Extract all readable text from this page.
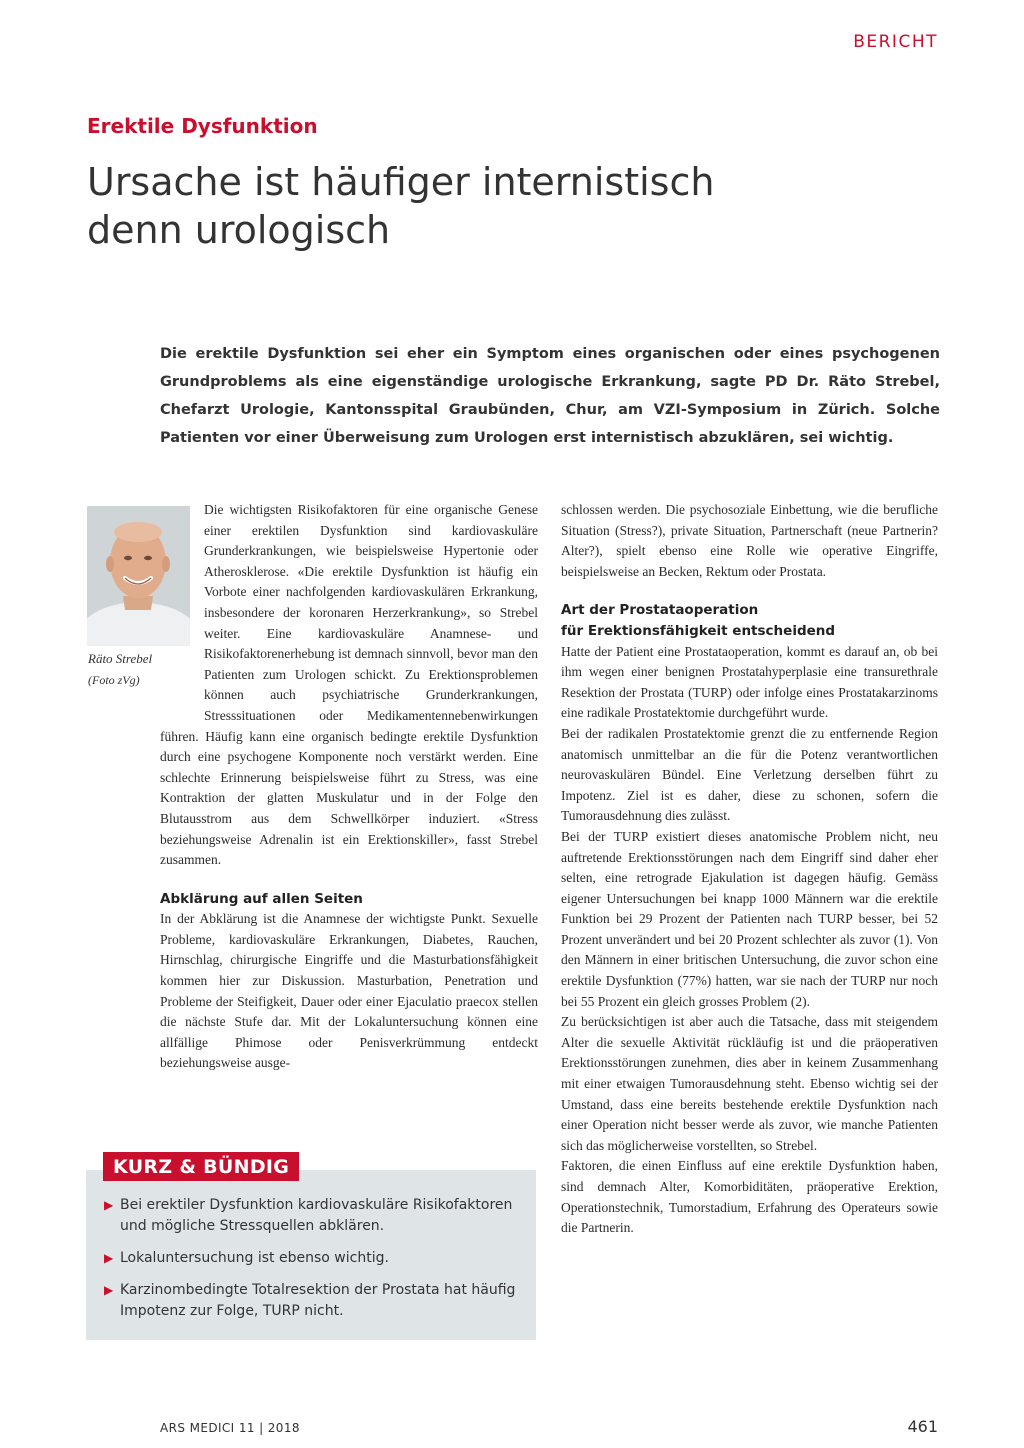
BERICHT
Erektile Dysfunktion
Ursache ist häufiger internistisch
denn urologisch
Die erektile Dysfunktion sei eher ein Symptom eines organischen oder eines psychogenen Grundproblems als eine eigenständige urologische Erkrankung, sagte PD Dr. Räto Strebel, Chefarzt Urologie, Kantonsspital Graubünden, Chur, am VZI-Symposium in Zürich. Solche Patienten vor einer Überweisung zum Urologen erst internistisch abzuklären, sei wichtig.
Räto Strebel
(Foto zVg)

Die wichtigsten Risikofaktoren für eine organische Genese einer erektilen Dysfunktion sind kardiovaskuläre Grunderkrankungen, wie beispielsweise Hypertonie oder Atherosklerose. «Die erektile Dysfunktion ist häufig ein Vorbote einer nachfolgenden kardiovaskulären Erkrankung, insbesondere der koronaren Herzerkrankung», so Strebel weiter. Eine kardiovaskuläre Anamnese- und Risikofaktorenerhebung ist demnach sinnvoll, bevor man den Patienten zum Urologen schickt. Zu Erektionsproblemen können auch psychiatrische Grunderkrankungen, Stresssituationen oder Medikamentennebenwirkungen führen. Häufig kann eine organisch bedingte erektile Dysfunktion durch eine psychogene Komponente noch verstärkt werden. Eine schlechte Erinnerung beispielsweise führt zu Stress, was eine Kontraktion der glatten Muskulatur und in der Folge den Blutausstrom aus dem Schwellkörper induziert. «Stress beziehungsweise Adrenalin ist ein Erektionskiller», fasst Strebel zusammen.

Abklärung auf allen Seiten

In der Abklärung ist die Anamnese der wichtigste Punkt. Sexuelle Probleme, kardiovaskuläre Erkrankungen, Diabetes, Rauchen, Hirnschlag, chirurgische Eingriffe und die Masturbationsfähigkeit kommen hier zur Diskussion. Masturbation, Penetration und Probleme der Steifigkeit, Dauer oder einer Ejaculatio praecox stellen die nächste Stufe dar. Mit der Lokaluntersuchung können eine allfällige Phimose oder Penisverkrümmung entdeckt beziehungsweise ausge-

schlossen werden. Die psychosoziale Einbettung, wie die berufliche Situation (Stress?), private Situation, Partnerschaft (neue Partnerin? Alter?), spielt ebenso eine Rolle wie operative Eingriffe, beispielsweise an Becken, Rektum oder Prostata.

Art der Prostataoperation
für Erektionsfähigkeit entscheidend

Hatte der Patient eine Prostataoperation, kommt es darauf an, ob bei ihm wegen einer benignen Prostatahyperplasie eine transurethrale Resektion der Prostata (TURP) oder infolge eines Prostatakarzinoms eine radikale Prostatektomie durchgeführt wurde.

Bei der radikalen Prostatektomie grenzt die zu entfernende Region anatomisch unmittelbar an die für die Potenz verantwortlichen neurovaskulären Bündel. Eine Verletzung derselben führt zu Impotenz. Ziel ist es daher, diese zu schonen, sofern die Tumorausdehnung dies zulässt.

Bei der TURP existiert dieses anatomische Problem nicht, neu auftretende Erektionsstörungen nach dem Eingriff sind daher eher selten, eine retrograde Ejakulation ist dagegen häufig. Gemäss eigener Untersuchungen bei knapp 1000 Männern war die erektile Funktion bei 29 Prozent der Patienten nach TURP besser, bei 52 Prozent unverändert und bei 20 Prozent schlechter als zuvor (1). Von den Männern in einer britischen Untersuchung, die zuvor schon eine erektile Dysfunktion (77%) hatten, war sie nach der TURP nur noch bei 55 Prozent ein gleich grosses Problem (2).

Zu berücksichtigen ist aber auch die Tatsache, dass mit steigendem Alter die sexuelle Aktivität rückläufig ist und die präoperativen Erektionsstörungen zunehmen, dies aber in keinem Zusammenhang mit einer etwaigen Tumorausdehnung steht. Ebenso wichtig sei der Umstand, dass eine bereits bestehende erektile Dysfunktion nach einer Operation nicht besser werde als zuvor, wie manche Patienten sich das möglicherweise vorstellten, so Strebel.

Faktoren, die einen Einfluss auf eine erektile Dysfunktion haben, sind demnach Alter, Komorbiditäten, präoperative Erektion, Operationstechnik, Tumorstadium, Erfahrung des Operateurs sowie die Partnerin.

KURZ & BÜNDIG
▶ Bei erektiler Dysfunktion kardiovaskuläre Risikofaktoren und mögliche Stressquellen abklären.
▶ Lokaluntersuchung ist ebenso wichtig.
▶ Karzinombedingte Totalresektion der Prostata hat häufig Impotenz zur Folge, TURP nicht.
ARS MEDICI 11 | 2018	461
